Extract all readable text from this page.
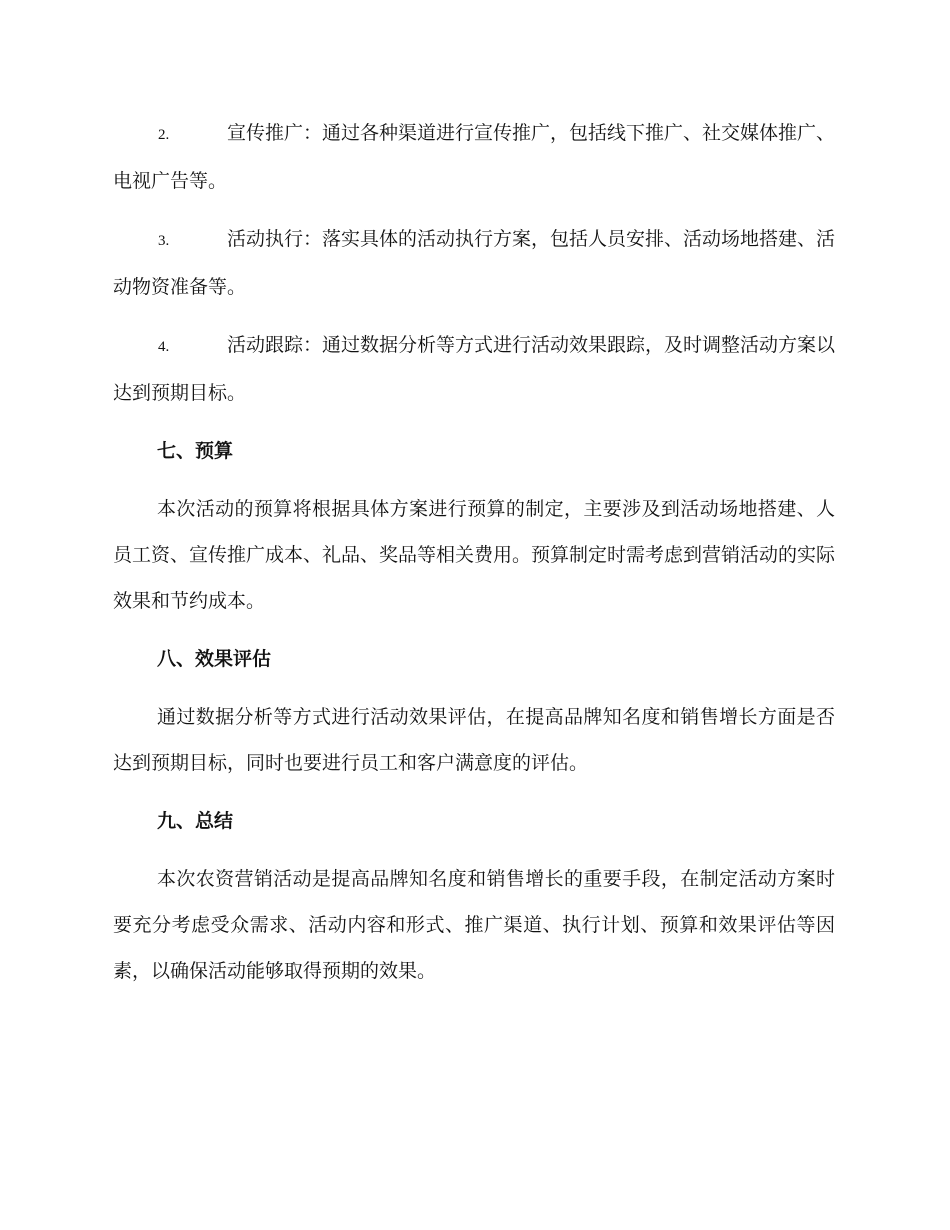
2.	宣传推广：通过各种渠道进行宣传推广，包括线下推广、社交媒体推广、电视广告等。

3.	活动执行：落实具体的活动执行方案，包括人员安排、活动场地搭建、活动物资准备等。

4.	活动跟踪：通过数据分析等方式进行活动效果跟踪，及时调整活动方案以达到预期目标。

七、预算

本次活动的预算将根据具体方案进行预算的制定，主要涉及到活动场地搭建、人员工资、宣传推广成本、礼品、奖品等相关费用。预算制定时需考虑到营销活动的实际效果和节约成本。

八、效果评估

通过数据分析等方式进行活动效果评估，在提高品牌知名度和销售增长方面是否达到预期目标，同时也要进行员工和客户满意度的评估。

九、总结

本次农资营销活动是提高品牌知名度和销售增长的重要手段，在制定活动方案时要充分考虑受众需求、活动内容和形式、推广渠道、执行计划、预算和效果评估等因素，以确保活动能够取得预期的效果。
